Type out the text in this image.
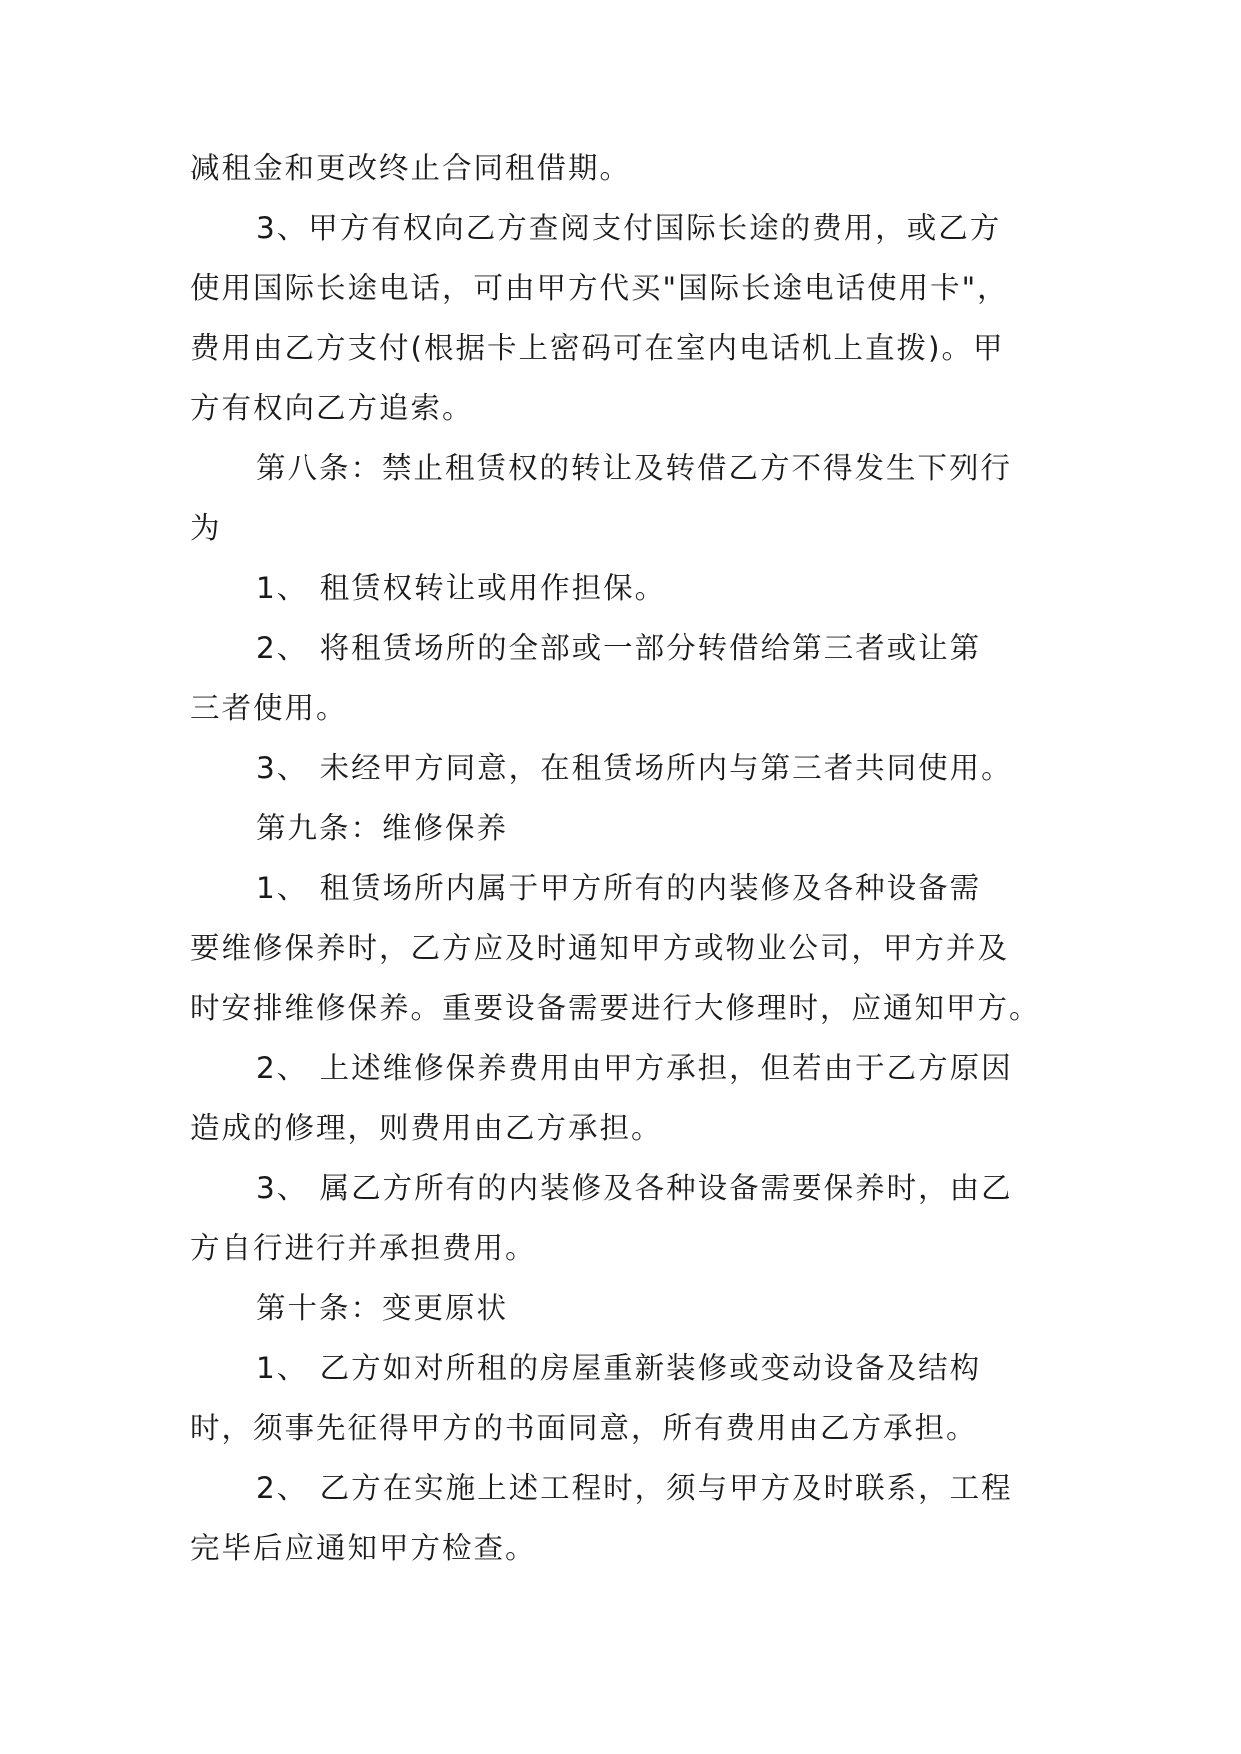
减租金和更改终止合同租借期。
3、甲方有权向乙方查阅支付国际长途的费用，或乙方
使用国际长途电话，可由甲方代买"国际长途电话使用卡"，
费用由乙方支付(根据卡上密码可在室内电话机上直拨)。甲
方有权向乙方追索。
第八条：禁止租赁权的转让及转借乙方不得发生下列行
为
1、 租赁权转让或用作担保。
2、 将租赁场所的全部或一部分转借给第三者或让第
三者使用。
3、 未经甲方同意，在租赁场所内与第三者共同使用。
第九条：维修保养
1、 租赁场所内属于甲方所有的内装修及各种设备需
要维修保养时，乙方应及时通知甲方或物业公司，甲方并及
时安排维修保养。重要设备需要进行大修理时，应通知甲方。
2、 上述维修保养费用由甲方承担，但若由于乙方原因
造成的修理，则费用由乙方承担。
3、 属乙方所有的内装修及各种设备需要保养时，由乙
方自行进行并承担费用。
第十条：变更原状
1、 乙方如对所租的房屋重新装修或变动设备及结构
时，须事先征得甲方的书面同意，所有费用由乙方承担。
2、 乙方在实施上述工程时，须与甲方及时联系，工程
完毕后应通知甲方检查。
